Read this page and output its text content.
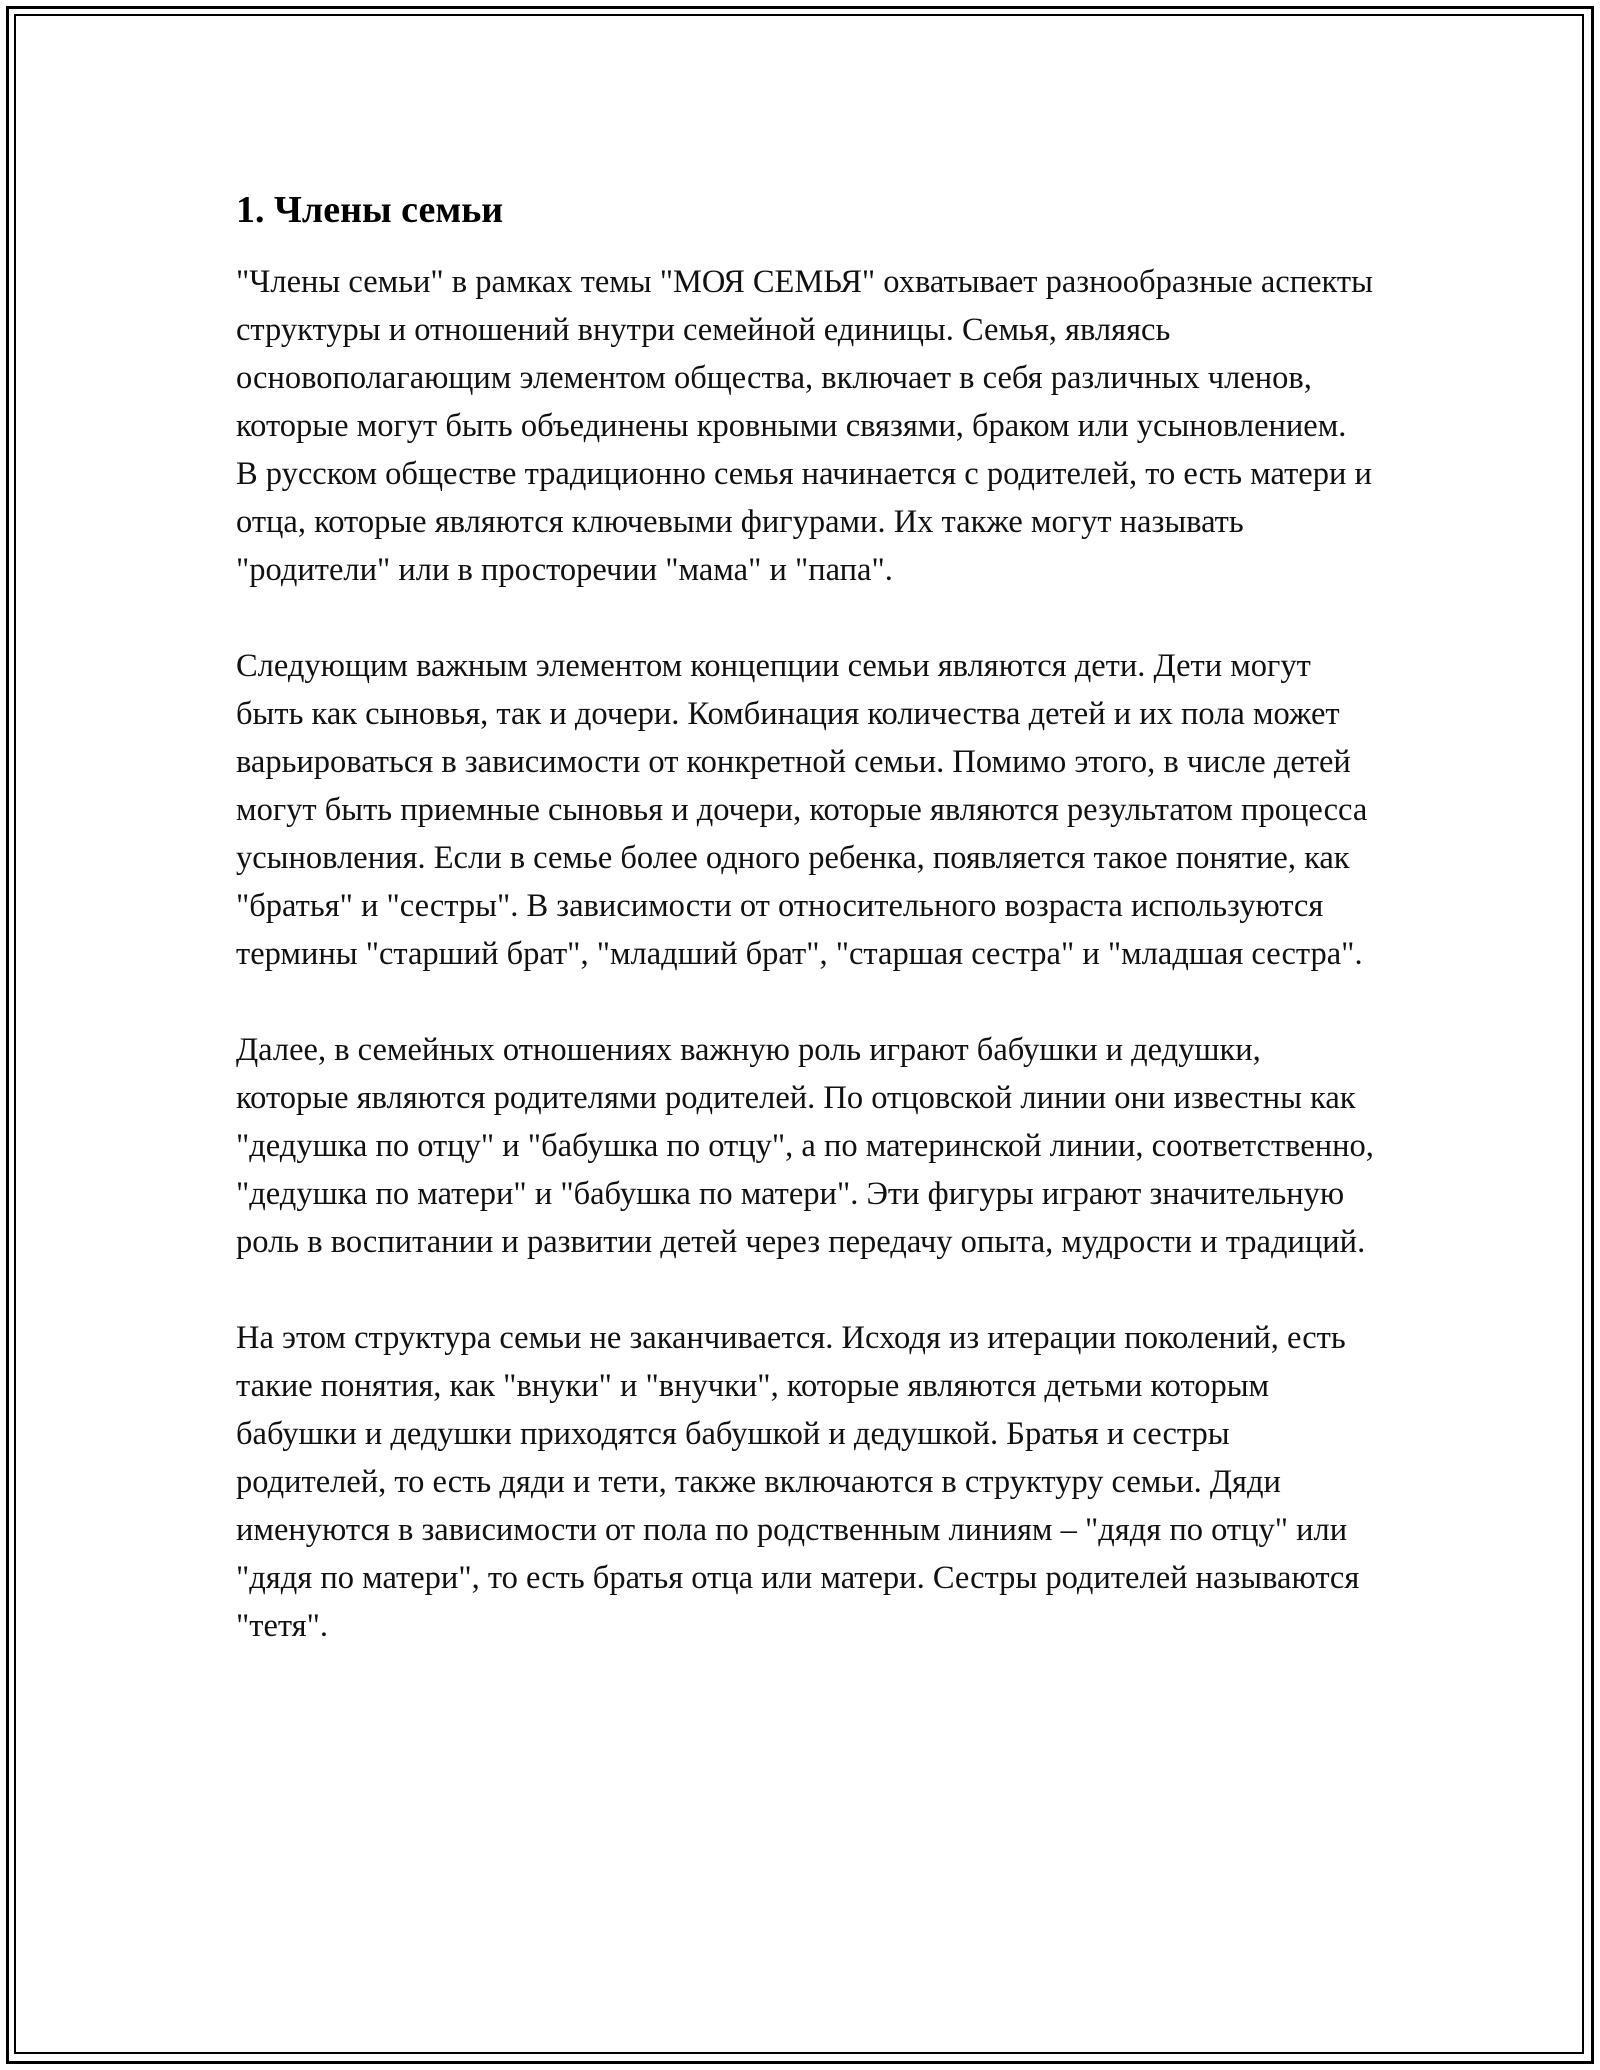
1. Члены семьи

"Члены семьи" в рамках темы "МОЯ СЕМЬЯ" охватывает разнообразные аспекты структуры и отношений внутри семейной единицы. Семья, являясь основополагающим элементом общества, включает в себя различных членов, которые могут быть объединены кровными связями, браком или усыновлением. В русском обществе традиционно семья начинается с родителей, то есть матери и отца, которые являются ключевыми фигурами. Их также могут называть "родители" или в просторечии "мама" и "папа".

Следующим важным элементом концепции семьи являются дети. Дети могут быть как сыновья, так и дочери. Комбинация количества детей и их пола может варьироваться в зависимости от конкретной семьи. Помимо этого, в числе детей могут быть приемные сыновья и дочери, которые являются результатом процесса усыновления. Если в семье более одного ребенка, появляется такое понятие, как "братья" и "сестры". В зависимости от относительного возраста используются термины "старший брат", "младший брат", "старшая сестра" и "младшая сестра".

Далее, в семейных отношениях важную роль играют бабушки и дедушки, которые являются родителями родителей. По отцовской линии они известны как "дедушка по отцу" и "бабушка по отцу", а по материнской линии, соответственно, "дедушка по матери" и "бабушка по матери". Эти фигуры играют значительную роль в воспитании и развитии детей через передачу опыта, мудрости и традиций.

На этом структура семьи не заканчивается. Исходя из итерации поколений, есть такие понятия, как "внуки" и "внучки", которые являются детьми которым бабушки и дедушки приходятся бабушкой и дедушкой. Братья и сестры родителей, то есть дяди и тети, также включаются в структуру семьи. Дяди именуются в зависимости от пола по родственным линиям – "дядя по отцу" или "дядя по матери", то есть братья отца или матери. Сестры родителей называются "тетя".
